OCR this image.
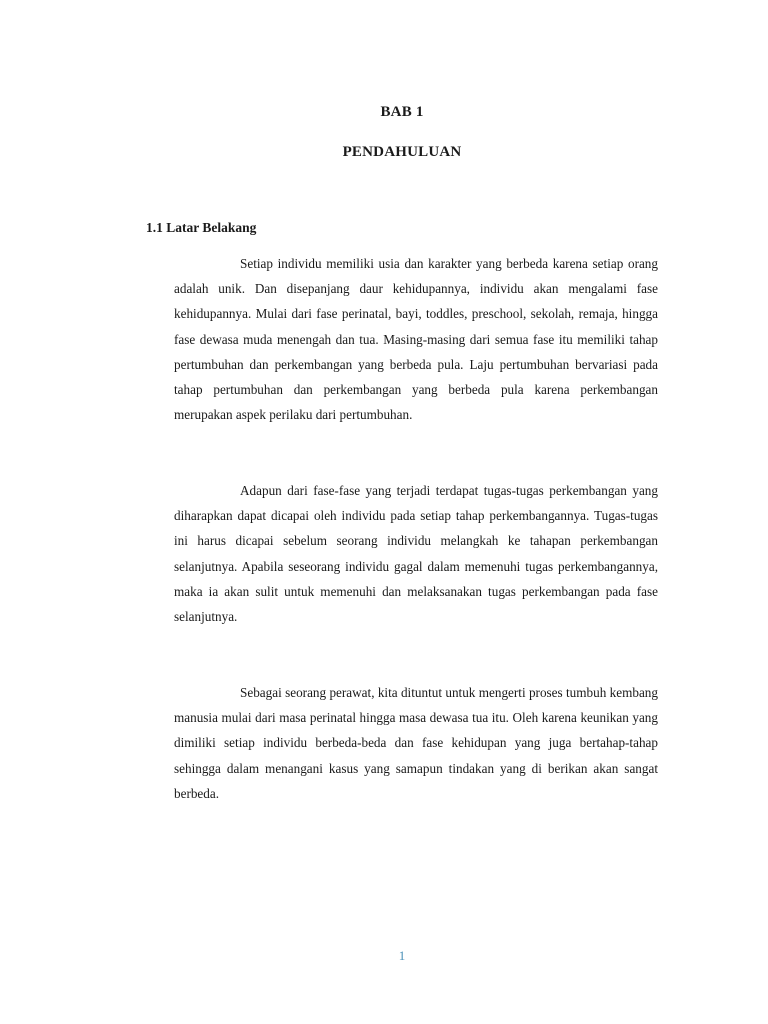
BAB 1
PENDAHULUAN
1.1 Latar Belakang

Setiap individu memiliki usia dan karakter yang berbeda karena setiap orang adalah unik. Dan disepanjang daur kehidupannya, individu akan mengalami fase kehidupannya. Mulai dari fase perinatal, bayi, toddles, preschool, sekolah, remaja, hingga fase dewasa muda menengah dan tua. Masing-masing dari semua fase itu memiliki tahap pertumbuhan dan perkembangan yang berbeda pula. Laju pertumbuhan bervariasi pada tahap pertumbuhan dan perkembangan yang berbeda pula karena perkembangan merupakan aspek perilaku dari pertumbuhan.

Adapun dari fase-fase yang terjadi terdapat tugas-tugas perkembangan yang diharapkan dapat dicapai oleh individu pada setiap tahap perkembangannya. Tugas-tugas ini harus dicapai sebelum seorang individu melangkah ke tahapan perkembangan selanjutnya. Apabila seseorang individu gagal dalam memenuhi tugas perkembangannya, maka ia akan sulit untuk memenuhi dan melaksanakan tugas perkembangan pada fase selanjutnya.

Sebagai seorang perawat, kita dituntut untuk mengerti proses tumbuh kembang manusia mulai dari masa perinatal hingga masa dewasa tua itu. Oleh karena keunikan yang dimiliki setiap individu berbeda-beda dan fase kehidupan yang juga bertahap-tahap sehingga dalam menangani kasus yang samapun tindakan yang di berikan akan sangat berbeda.

1
